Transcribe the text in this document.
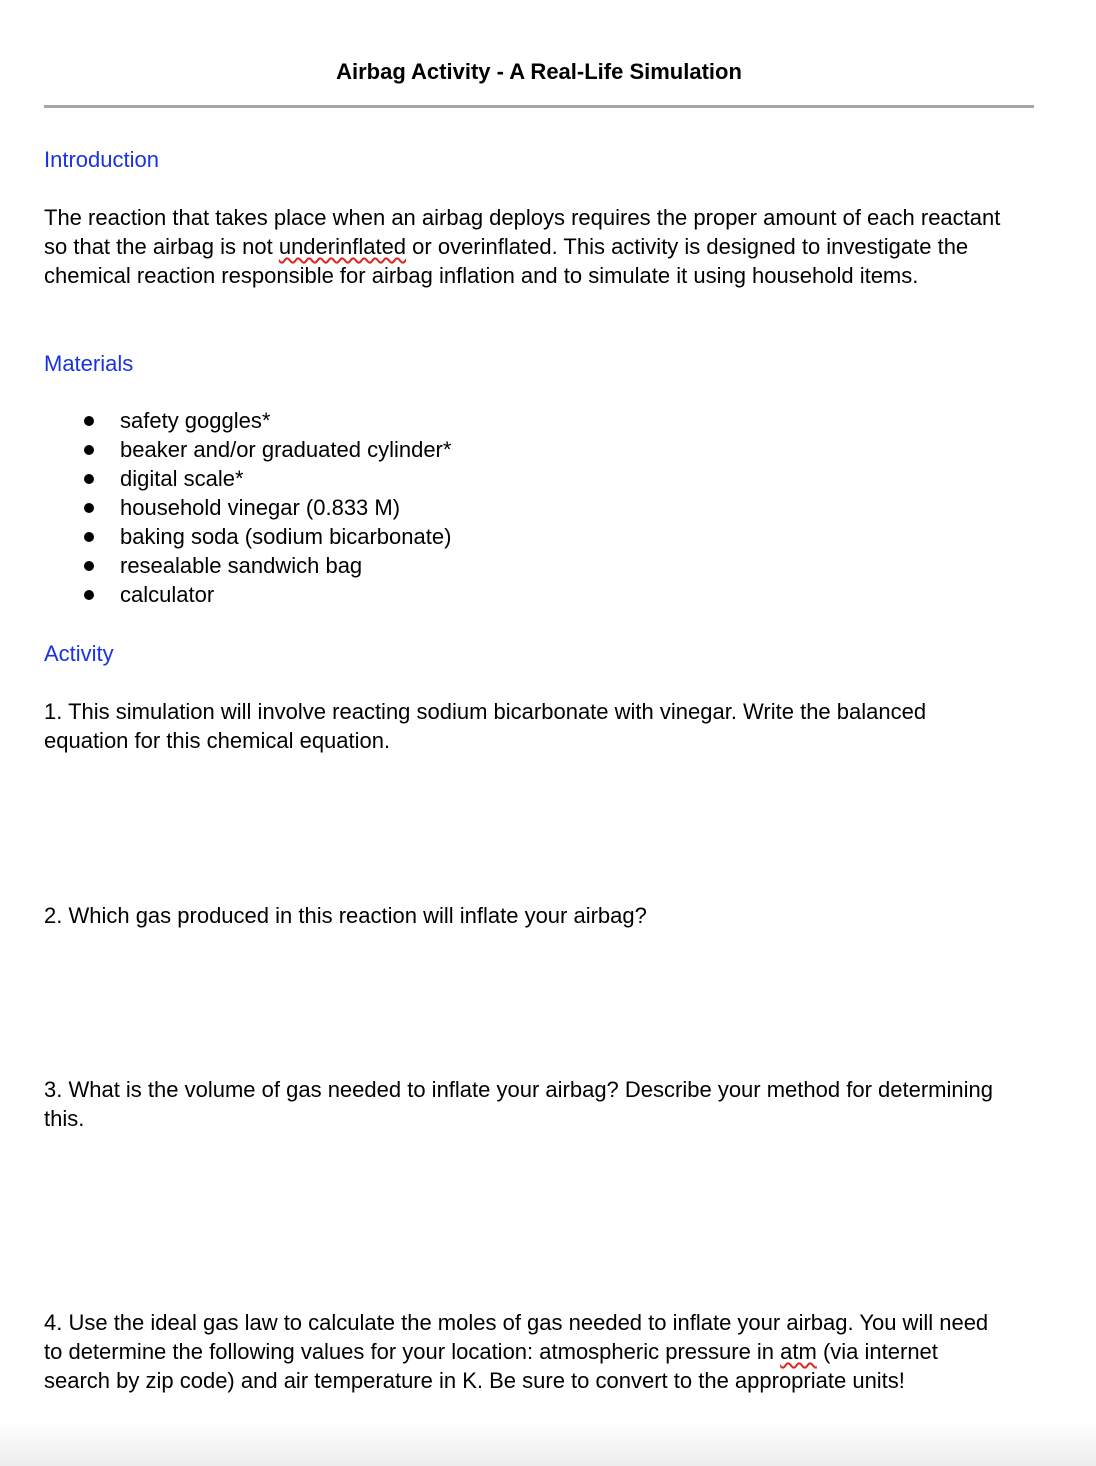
Airbag Activity - A Real-Life Simulation
Introduction
The reaction that takes place when an airbag deploys requires the proper amount of each reactant so that the airbag is not underinflated or overinflated. This activity is designed to investigate the chemical reaction responsible for airbag inflation and to simulate it using household items.
Materials
safety goggles*
beaker and/or graduated cylinder*
digital scale*
household vinegar (0.833 M)
baking soda (sodium bicarbonate)
resealable sandwich bag
calculator
Activity
1. This simulation will involve reacting sodium bicarbonate with vinegar. Write the balanced equation for this chemical equation.
2. Which gas produced in this reaction will inflate your airbag?
3. What is the volume of gas needed to inflate your airbag? Describe your method for determining this.
4. Use the ideal gas law to calculate the moles of gas needed to inflate your airbag. You will need to determine the following values for your location: atmospheric pressure in atm (via internet search by zip code) and air temperature in K. Be sure to convert to the appropriate units!
